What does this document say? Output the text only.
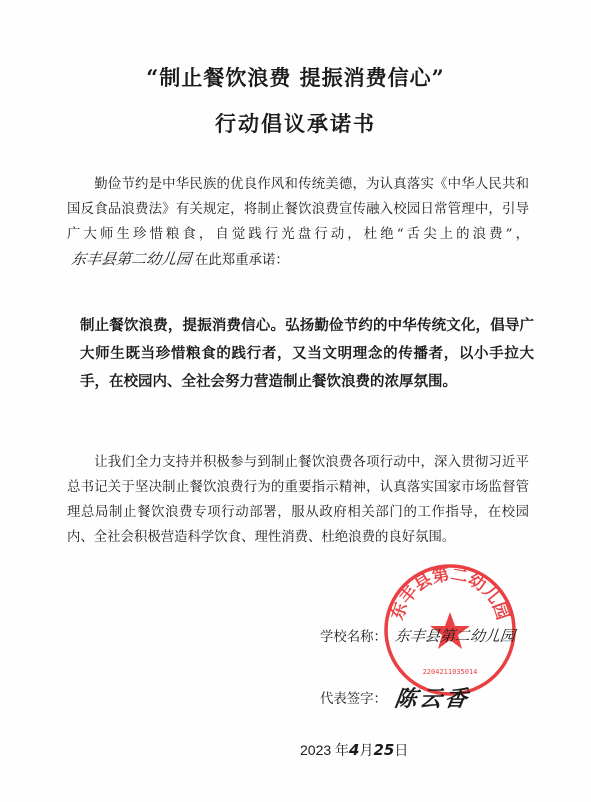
“制止餐饮浪费 提振消费信心”
行动倡议承诺书
勤俭节约是中华民族的优良作风和传统美德，为认真落实《中华人民共和国反食品浪费法》有关规定，将制止餐饮浪费宣传融入校园日常管理中，引导广大师生珍惜粮食，自觉践行光盘行动，杜绝“舌尖上的浪费”，东丰县第二幼儿园 在此郑重承诺：
制止餐饮浪费，提振消费信心。弘扬勤俭节约的中华传统文化，倡导广大师生既当珍惜粮食的践行者，又当文明理念的传播者，以小手拉大手，在校园内、全社会努力营造制止餐饮浪费的浓厚氛围。
让我们全力支持并积极参与到制止餐饮浪费各项行动中，深入贯彻习近平总书记关于坚决制止餐饮浪费行为的重要指示精神，认真落实国家市场监督管理总局制止餐饮浪费专项行动部署，服从政府相关部门的工作指导，在校园内、全社会积极营造科学饮食、理性消费、杜绝浪费的良好氛围。
东丰县第二幼儿园
2204211035014
学校名称： 东丰县第二幼儿园
代表签字： 陈云香
2023 年4月25日
